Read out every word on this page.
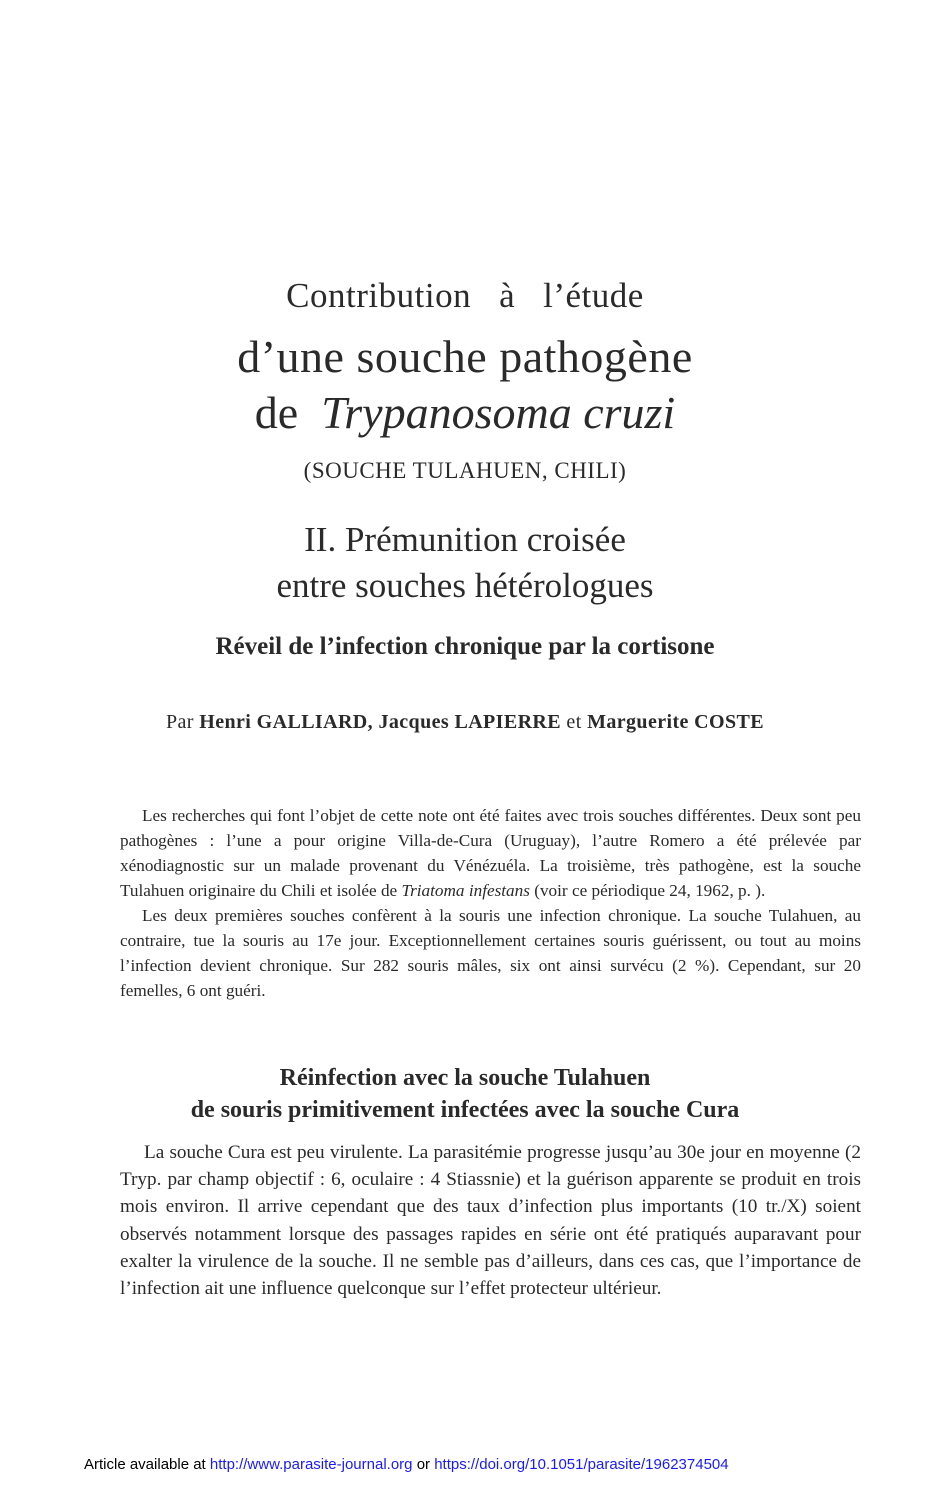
Contribution à l’étude
d’une souche pathogène
de Trypanosoma cruzi
(SOUCHE TULAHUEN, CHILI)
II. Prémunition croisée
entre souches hétérologues
Réveil de l’infection chronique par la cortisone
Par Henri GALLIARD, Jacques LAPIERRE et Marguerite COSTE

Les recherches qui font l’objet de cette note ont été faites avec trois souches différentes. Deux sont peu pathogènes : l’une a pour origine Villa-de-Cura (Uruguay), l’autre Romero a été prélevée par xénodiagnostic sur un malade provenant du Vénézuéla. La troisième, très pathogène, est la souche Tulahuen originaire du Chili et isolée de Triatoma infestans (voir ce périodique 24, 1962, p. ).

Les deux premières souches confèrent à la souris une infection chronique. La souche Tulahuen, au contraire, tue la souris au 17e jour. Exceptionnellement certaines souris guérissent, ou tout au moins l’infection devient chronique. Sur 282 souris mâles, six ont ainsi survécu (2 %). Cependant, sur 20 femelles, 6 ont guéri.

Réinfection avec la souche Tulahuen
de souris primitivement infectées avec la souche Cura

La souche Cura est peu virulente. La parasitémie progresse jusqu’au 30e jour en moyenne (2 Tryp. par champ objectif : 6, oculaire : 4 Stiassnie) et la guérison apparente se produit en trois mois environ. Il arrive cependant que des taux d’infection plus importants (10 tr./X) soient observés notamment lorsque des passages rapides en série ont été pratiqués auparavant pour exalter la virulence de la souche. Il ne semble pas d’ailleurs, dans ces cas, que l’importance de l’infection ait une influence quelconque sur l’effet protecteur ultérieur.

Article available at http://www.parasite-journal.org or https://doi.org/10.1051/parasite/1962374504
